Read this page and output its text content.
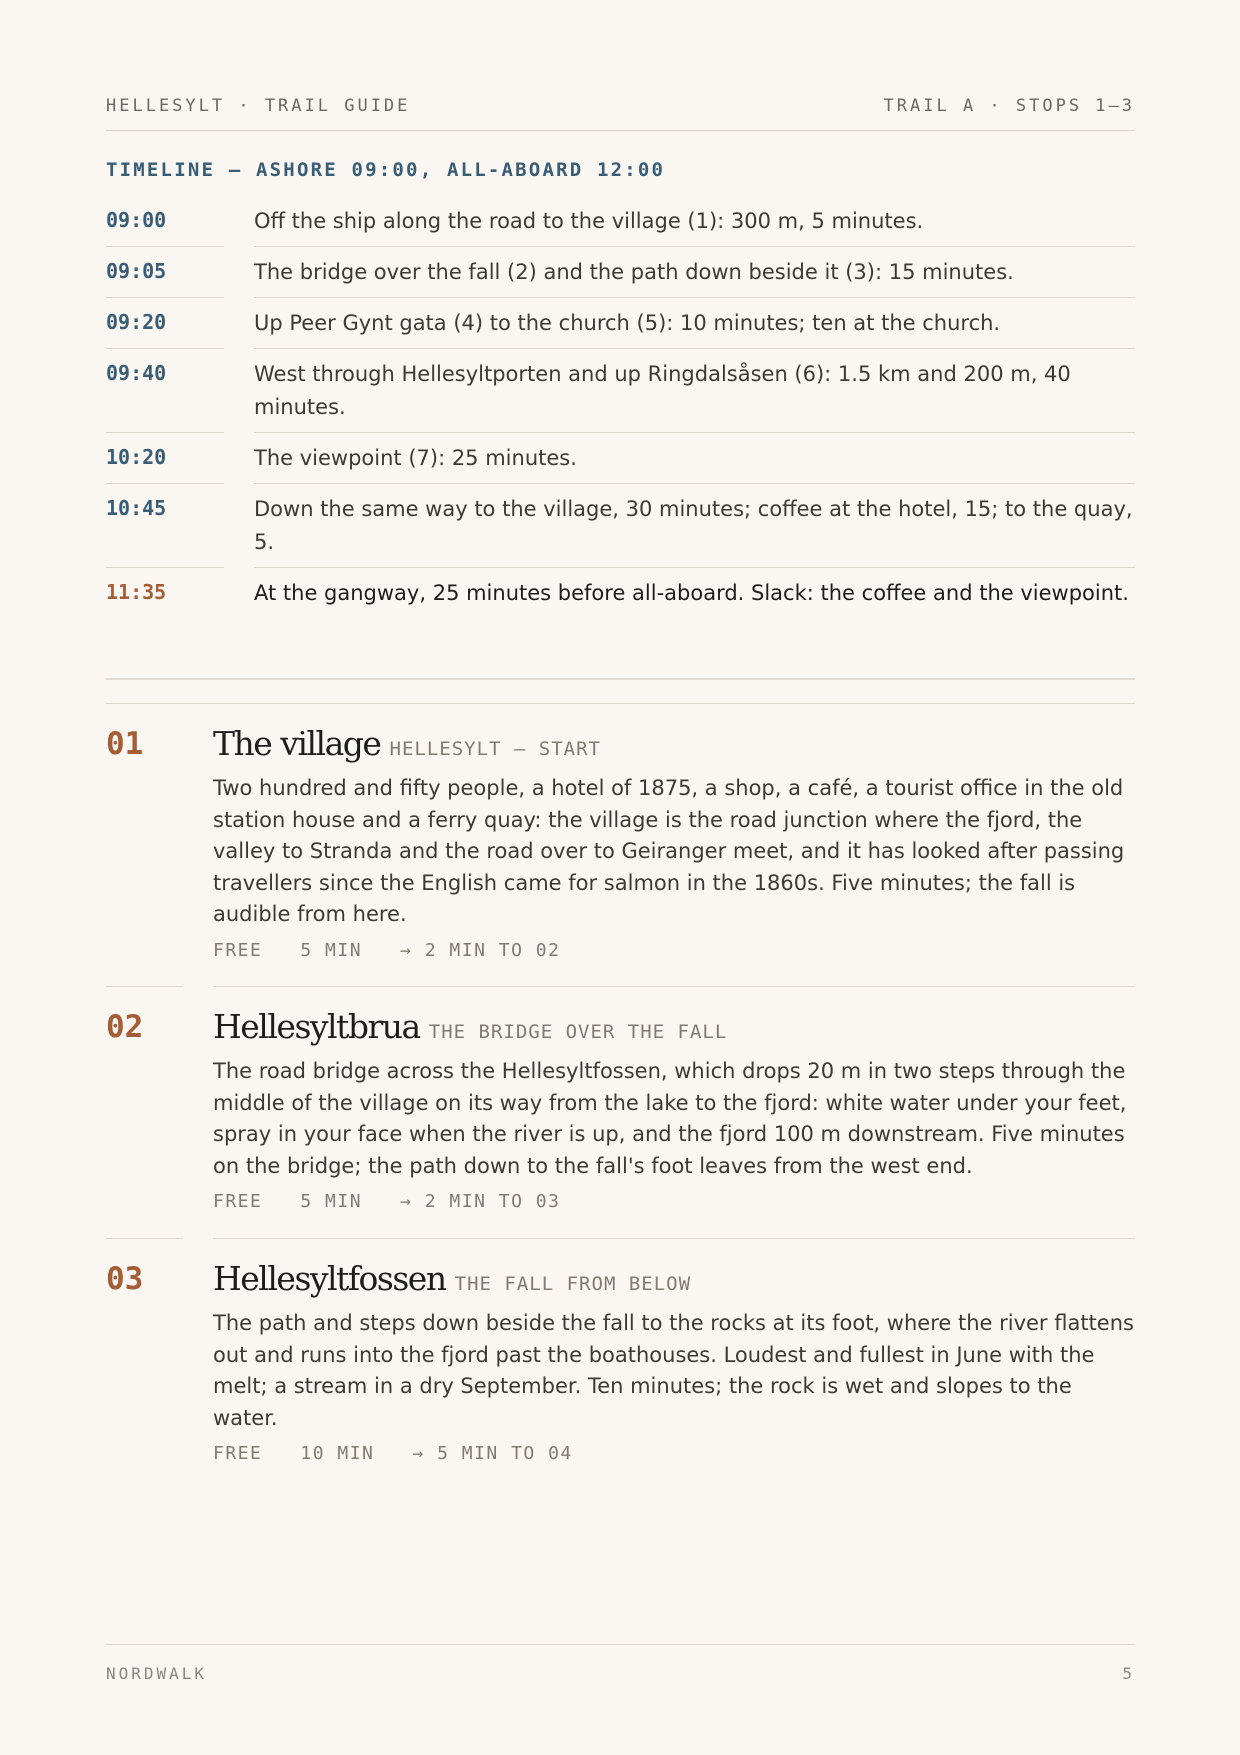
HELLESYLT · TRAIL GUIDE	TRAIL A · STOPS 1–3
TIMELINE — ASHORE 09:00, ALL-ABOARD 12:00
09:00	Off the ship along the road to the village (1): 300 m, 5 minutes.
09:05	The bridge over the fall (2) and the path down beside it (3): 15 minutes.
09:20	Up Peer Gynt gata (4) to the church (5): 10 minutes; ten at the church.
09:40	West through Hellesyltporten and up Ringdalsåsen (6): 1.5 km and 200 m, 40 minutes.
10:20	The viewpoint (7): 25 minutes.
10:45	Down the same way to the village, 30 minutes; coffee at the hotel, 15; to the quay, 5.
11:35	At the gangway, 25 minutes before all-aboard. Slack: the coffee and the viewpoint.
01 The village HELLESYLT — START
Two hundred and fifty people, a hotel of 1875, a shop, a café, a tourist office in the old station house and a ferry quay: the village is the road junction where the fjord, the valley to Stranda and the road over to Geiranger meet, and it has looked after passing travellers since the English came for salmon in the 1860s. Five minutes; the fall is audible from here.
FREE 5 MIN → 2 MIN TO 02
02 Hellesyltbrua THE BRIDGE OVER THE FALL
The road bridge across the Hellesyltfossen, which drops 20 m in two steps through the middle of the village on its way from the lake to the fjord: white water under your feet, spray in your face when the river is up, and the fjord 100 m downstream. Five minutes on the bridge; the path down to the fall's foot leaves from the west end.
FREE 5 MIN → 2 MIN TO 03
03 Hellesyltfossen THE FALL FROM BELOW
The path and steps down beside the fall to the rocks at its foot, where the river flattens out and runs into the fjord past the boathouses. Loudest and fullest in June with the melt; a stream in a dry September. Ten minutes; the rock is wet and slopes to the water.
FREE 10 MIN → 5 MIN TO 04
NORDWALK	5
